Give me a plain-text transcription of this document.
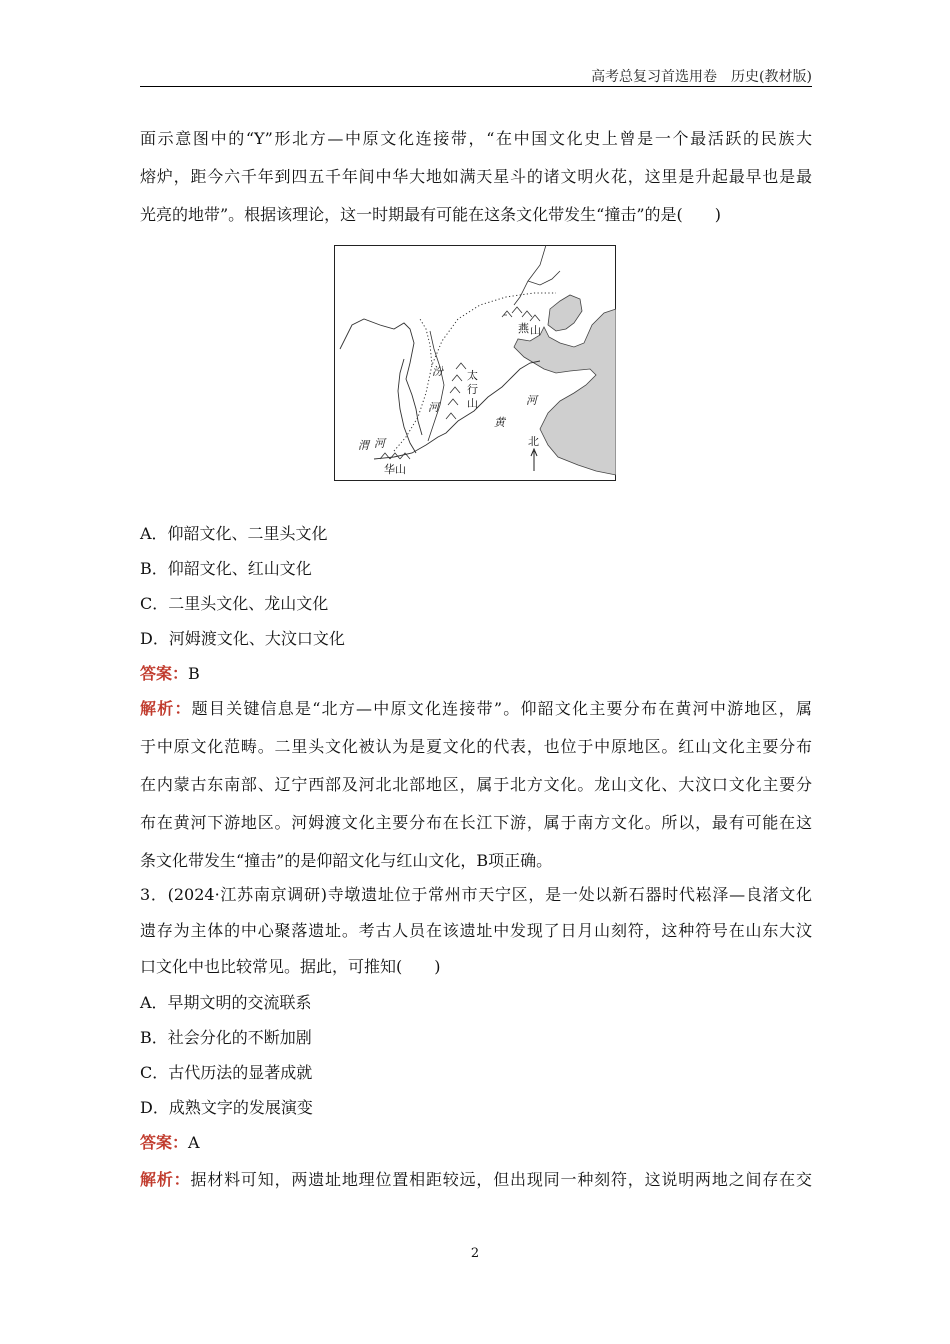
高考总复习首选用卷　历史(教材版)
面示意图中的“Y”形北方—中原文化连接带，“在中国文化史上曾是一个最活跃的民族大
熔炉，距今六千年到四五千年间中华大地如满天星斗的诸文明火花，这里是升起最早也是最
光亮的地带”。根据该理论，这一时期最有可能在这条文化带发生“撞击”的是(　　)
燕 山
太
行
山
汾
河
黄
河
渭 河
华山
北
A．仰韶文化、二里头文化
B．仰韶文化、红山文化
C．二里头文化、龙山文化
D．河姆渡文化、大汶口文化
答案：B
解析：题目关键信息是“北方—中原文化连接带”。仰韶文化主要分布在黄河中游地区，属
于中原文化范畴。二里头文化被认为是夏文化的代表，也位于中原地区。红山文化主要分布
在内蒙古东南部、辽宁西部及河北北部地区，属于北方文化。龙山文化、大汶口文化主要分
布在黄河下游地区。河姆渡文化主要分布在长江下游，属于南方文化。所以，最有可能在这
条文化带发生“撞击”的是仰韶文化与红山文化，B项正确。
3．(2024·江苏南京调研)寺墩遗址位于常州市天宁区，是一处以新石器时代崧泽—良渚文化
遗存为主体的中心聚落遗址。考古人员在该遗址中发现了日月山刻符，这种符号在山东大汶
口文化中也比较常见。据此，可推知(　　)
A．早期文明的交流联系
B．社会分化的不断加剧
C．古代历法的显著成就
D．成熟文字的发展演变
答案：A
解析：据材料可知，两遗址地理位置相距较远，但出现同一种刻符，这说明两地之间存在交
2
